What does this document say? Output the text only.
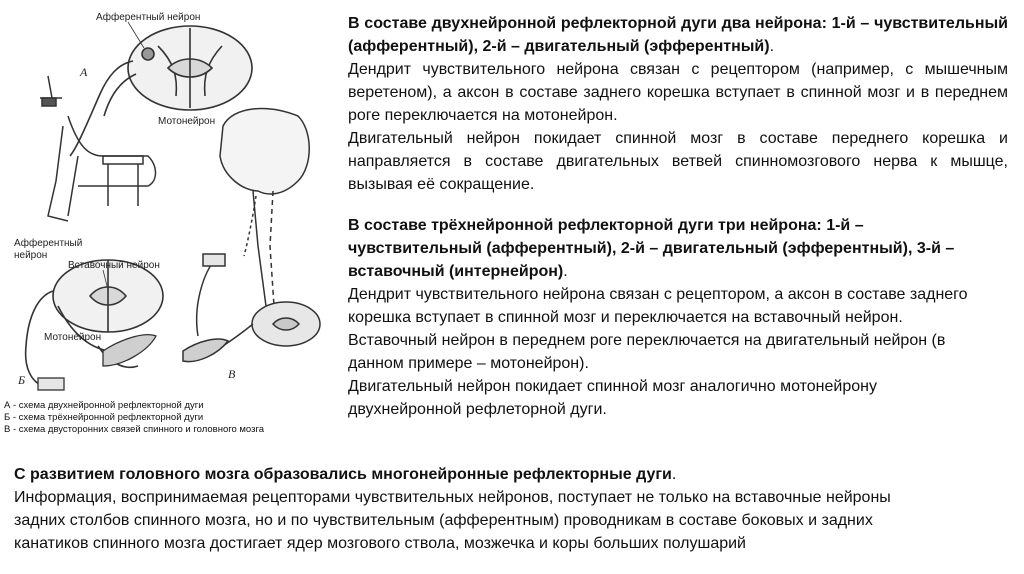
Афферентный нейрон
Мотонейрон
А
Афферентный
нейрон
Вставочный нейрон
Мотонейрон
Б	В
А - схема двухнейронной рефлекторной дуги
Б - схема трёхнейронной рефлекторной дуги
В - схема двусторонних связей спинного и головного мозга

В составе двухнейронной рефлекторной дуги два нейрона: 1-й – чувствительный (афферентный), 2-й – двигательный (эфферентный).

Дендрит чувствительного нейрона связан с рецептором (например, с мышечным веретеном), а аксон в составе заднего корешка вступает в спинной мозг и в переднем роге переключается на мотонейрон.

Двигательный нейрон покидает спинной мозг в составе переднего корешка и направляется в составе двигательных ветвей спинномозгового нерва к мышце, вызывая её сокращение.

В составе трёхнейронной рефлекторной дуги три нейрона: 1-й – чувствительный (афферентный), 2-й – двигательный (эфферентный), 3-й – вставочный (интернейрон).

Дендрит чувствительного нейрона связан с рецептором, а аксон в составе заднего корешка вступает в спинной мозг и переключается на вставочный нейрон.

Вставочный нейрон в переднем роге переключается на двигательный нейрон (в данном примере – мотонейрон).

Двигательный нейрон покидает спинной мозг аналогично мотонейрону двухнейронной рефлеторной дуги.

С развитием головного мозга образовались многонейронные рефлекторные дуги.

Информация, воспринимаемая рецепторами чувствительных нейронов, поступает не только на вставочные нейроны

задних столбов спинного мозга, но и по чувствительным (афферентным) проводникам в составе боковых и задних

канатиков спинного мозга достигает ядер мозгового ствола, мозжечка и коры больших полушарий
